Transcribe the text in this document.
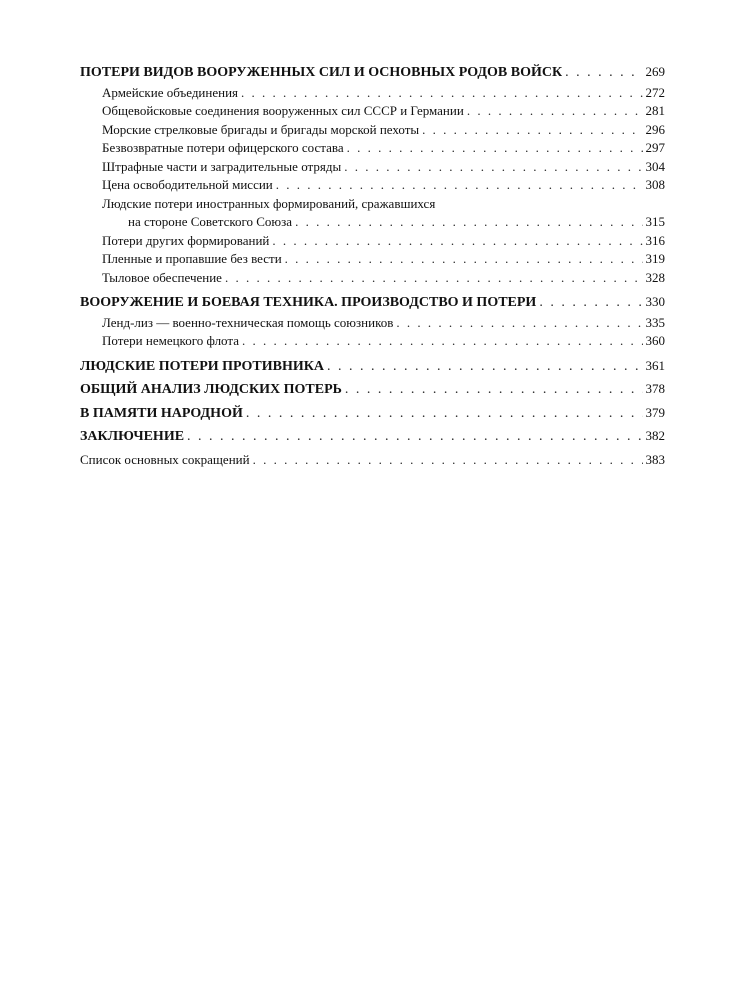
ПОТЕРИ ВИДОВ ВООРУЖЕННЫХ СИЛ И ОСНОВНЫХ РОДОВ ВОЙСК . . .	269
Армейские объединения . . .	272
Общевойсковые соединения вооруженных сил СССР и Германии . . .	281
Морские стрелковые бригады и бригады морской пехоты . . .	296
Безвозвратные потери офицерского состава . . .	297
Штрафные части и заградительные отряды . . .	304
Цена освободительной миссии . . .	308
Людские потери иностранных формирований, сражавшихся
на стороне Советского Союза . . .	315
Потери других формирований . . .	316
Пленные и пропавшие без вести . . .	319
Тыловое обеспечение . . .	328
ВООРУЖЕНИЕ И БОЕВАЯ ТЕХНИКА. ПРОИЗВОДСТВО И ПОТЕРИ . . .	330
Ленд-лиз — военно-техническая помощь союзников . . .	335
Потери немецкого флота . . .	360
ЛЮДСКИЕ ПОТЕРИ ПРОТИВНИКА . . .	361
ОБЩИЙ АНАЛИЗ ЛЮДСКИХ ПОТЕРЬ . . .	378
В ПАМЯТИ НАРОДНОЙ . . .	379
ЗАКЛЮЧЕНИЕ . . .	382
Список основных сокращений . . .	383
